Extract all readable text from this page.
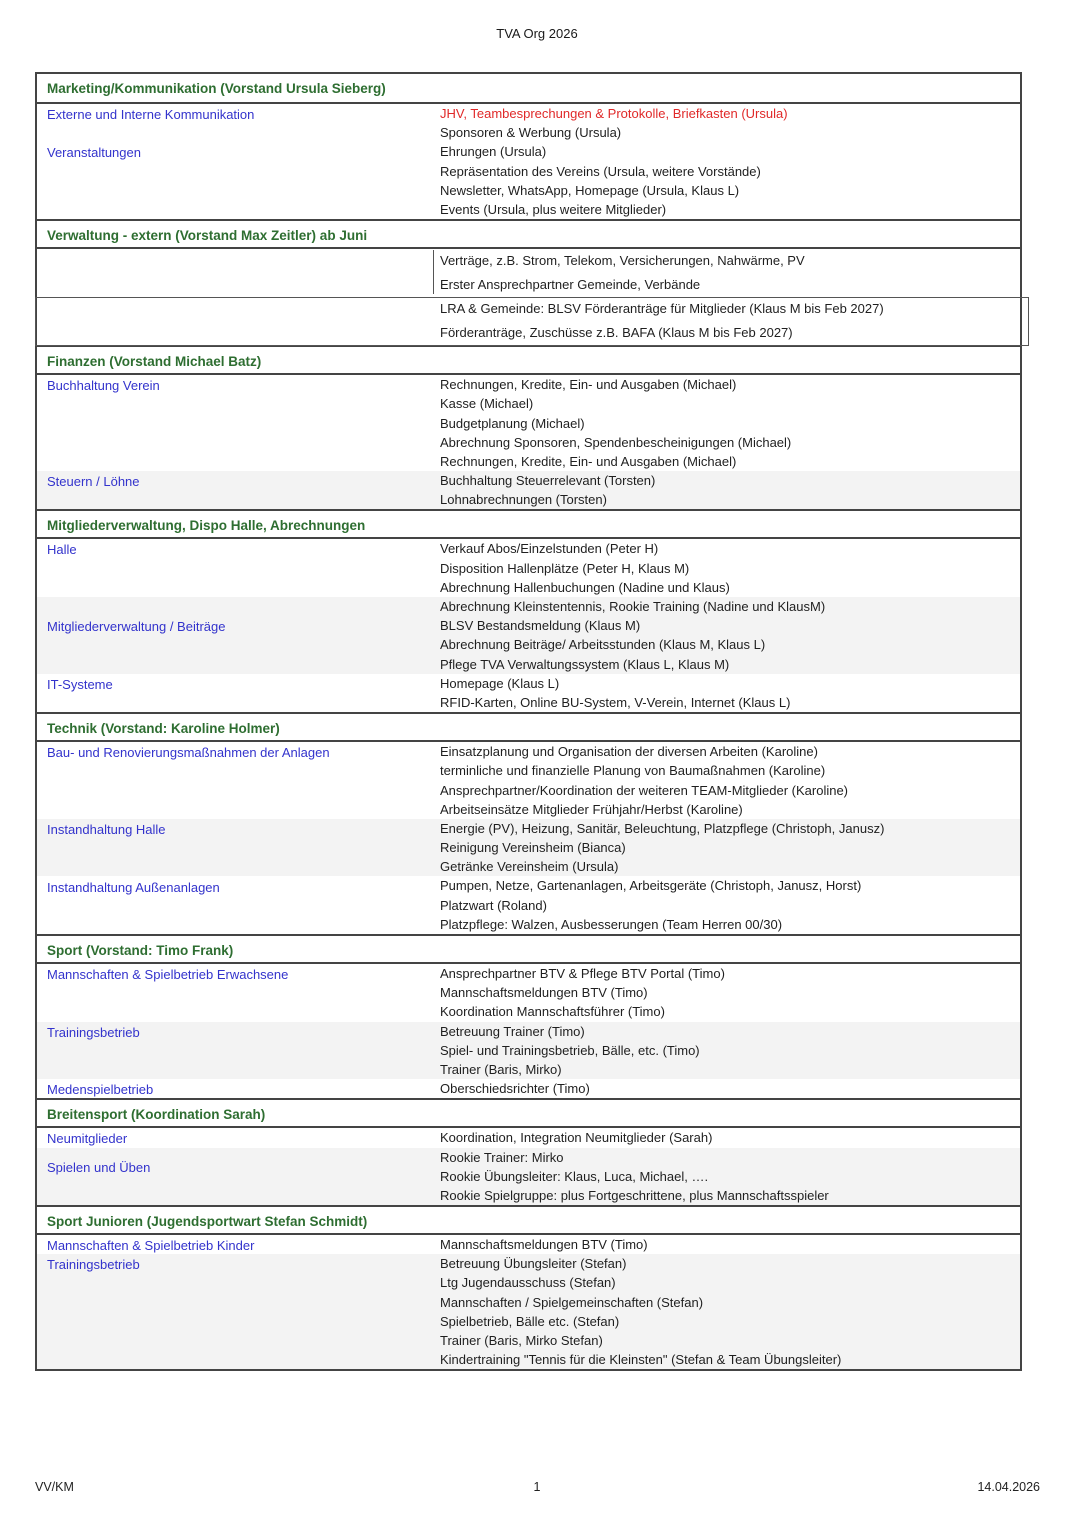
TVA Org 2026
Marketing/Kommunikation (Vorstand Ursula Sieberg)
JHV, Teambesprechungen & Protokolle, Briefkasten (Ursula)
Sponsoren & Werbung (Ursula)
Ehrungen (Ursula)
Repräsentation des Vereins (Ursula, weitere Vorstände)
Newsletter, WhatsApp, Homepage (Ursula, Klaus L)
Events (Ursula, plus weitere Mitglieder)
Externe und Interne Kommunikation
Veranstaltungen
Verwaltung - extern (Vorstand Max Zeitler) ab Juni
Verträge, z.B. Strom, Telekom, Versicherungen, Nahwärme, PV
Erster Ansprechpartner Gemeinde, Verbände
LRA & Gemeinde: BLSV Förderanträge für Mitglieder (Klaus M bis Feb 2027)
Förderanträge, Zuschüsse z.B. BAFA (Klaus M bis Feb 2027)
Finanzen (Vorstand Michael Batz)
Rechnungen, Kredite, Ein- und Ausgaben (Michael)
Kasse (Michael)
Budgetplanung (Michael)
Abrechnung Sponsoren, Spendenbescheinigungen (Michael)
Rechnungen, Kredite, Ein- und Ausgaben (Michael)
Buchhaltung Steuerrelevant (Torsten)
Lohnabrechnungen (Torsten)
Buchhaltung Verein
Steuern / Löhne
Mitgliederverwaltung, Dispo Halle, Abrechnungen
Verkauf Abos/Einzelstunden (Peter H)
Disposition Hallenplätze (Peter H, Klaus M)
Abrechnung Hallenbuchungen (Nadine und Klaus)
Abrechnung Kleinstentennis, Rookie Training (Nadine und KlausM)
BLSV Bestandsmeldung (Klaus M)
Abrechnung Beiträge/ Arbeitsstunden (Klaus M, Klaus L)
Pflege TVA Verwaltungssystem (Klaus L, Klaus M)
Homepage (Klaus L)
RFID-Karten, Online BU-System, V-Verein, Internet (Klaus L)
Halle
Mitgliederverwaltung / Beiträge
IT-Systeme
Technik (Vorstand: Karoline Holmer)
Einsatzplanung und Organisation der diversen Arbeiten (Karoline)
terminliche und finanzielle Planung von Baumaßnahmen (Karoline)
Ansprechpartner/Koordination der weiteren TEAM-Mitglieder (Karoline)
Arbeitseinsätze Mitglieder Frühjahr/Herbst (Karoline)
Energie (PV), Heizung, Sanitär, Beleuchtung, Platzpflege (Christoph, Janusz)
Reinigung Vereinsheim (Bianca)
Getränke Vereinsheim (Ursula)
Pumpen, Netze, Gartenanlagen, Arbeitsgeräte (Christoph, Janusz, Horst)
Platzwart (Roland)
Platzpflege: Walzen, Ausbesserungen (Team Herren 00/30)
Bau- und Renovierungsmaßnahmen der Anlagen
Instandhaltung Halle
Instandhaltung Außenanlagen
Sport (Vorstand: Timo Frank)
Ansprechpartner BTV & Pflege BTV Portal (Timo)
Mannschaftsmeldungen BTV (Timo)
Koordination Mannschaftsführer (Timo)
Betreuung Trainer (Timo)
Spiel- und Trainingsbetrieb, Bälle, etc. (Timo)
Trainer (Baris, Mirko)
Oberschiedsrichter (Timo)
Mannschaften & Spielbetrieb Erwachsene
Trainingsbetrieb
Medenspielbetrieb
Breitensport (Koordination Sarah)
Koordination, Integration Neumitglieder (Sarah)
Rookie Trainer: Mirko
Rookie Übungsleiter: Klaus, Luca, Michael, ….
Rookie Spielgruppe: plus Fortgeschrittene, plus Mannschaftsspieler
Neumitglieder
Spielen und Üben
Sport Junioren (Jugendsportwart Stefan Schmidt)
Mannschaftsmeldungen BTV (Timo)
Betreuung Übungsleiter (Stefan)
Ltg Jugendausschuss (Stefan)
Mannschaften / Spielgemeinschaften (Stefan)
Spielbetrieb, Bälle etc. (Stefan)
Trainer (Baris, Mirko Stefan)
Kindertraining "Tennis für die Kleinsten" (Stefan & Team Übungsleiter)
Mannschaften & Spielbetrieb Kinder
Trainingsbetrieb
VV/KM	1	14.04.2026
